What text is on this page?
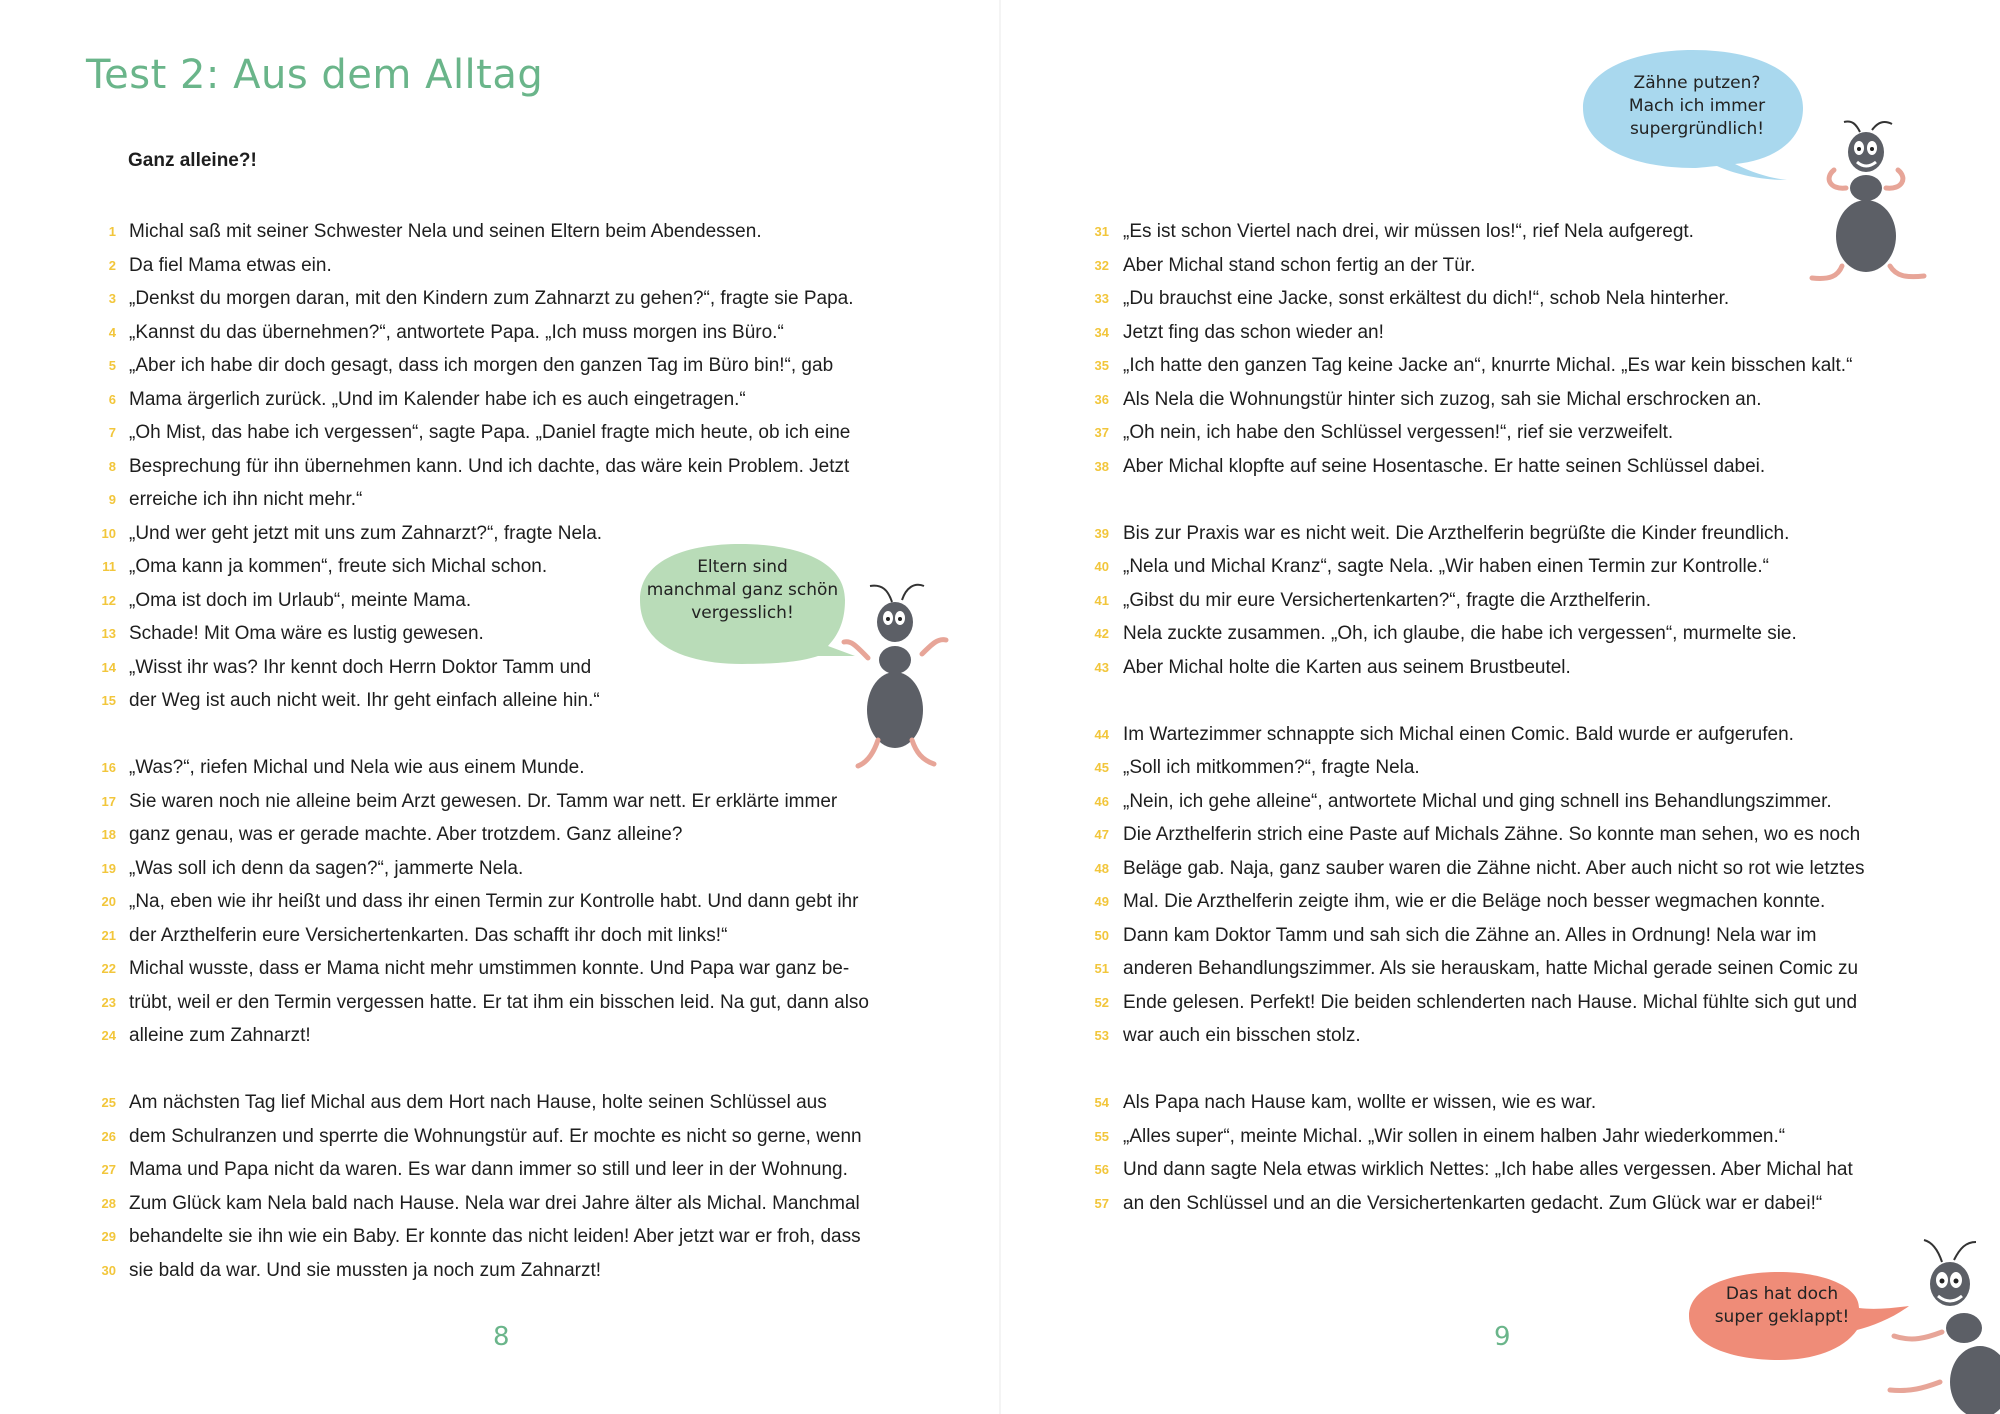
Test 2: Aus dem Alltag
Ganz alleine?!
1 Michal saß mit seiner Schwester Nela und seinen Eltern beim Abendessen.
2 Da fiel Mama etwas ein.
3 „Denkst du morgen daran, mit den Kindern zum Zahnarzt zu gehen?“, fragte sie Papa.
4 „Kannst du das übernehmen?“, antwortete Papa. „Ich muss morgen ins Büro.“
5 „Aber ich habe dir doch gesagt, dass ich morgen den ganzen Tag im Büro bin!“, gab
6 Mama ärgerlich zurück. „Und im Kalender habe ich es auch eingetragen.“
7 „Oh Mist, das habe ich vergessen“, sagte Papa. „Daniel fragte mich heute, ob ich eine
8 Besprechung für ihn übernehmen kann. Und ich dachte, das wäre kein Problem. Jetzt
9 erreiche ich ihn nicht mehr.“
10 „Und wer geht jetzt mit uns zum Zahnarzt?“, fragte Nela.
11 „Oma kann ja kommen“, freute sich Michal schon.
12 „Oma ist doch im Urlaub“, meinte Mama.
13 Schade! Mit Oma wäre es lustig gewesen.
14 „Wisst ihr was? Ihr kennt doch Herrn Doktor Tamm und
15 der Weg ist auch nicht weit. Ihr geht einfach alleine hin.“
16 „Was?“, riefen Michal und Nela wie aus einem Munde.
17 Sie waren noch nie alleine beim Arzt gewesen. Dr. Tamm war nett. Er erklärte immer
18 ganz genau, was er gerade machte. Aber trotzdem. Ganz alleine?
19 „Was soll ich denn da sagen?“, jammerte Nela.
20 „Na, eben wie ihr heißt und dass ihr einen Termin zur Kontrolle habt. Und dann gebt ihr
21 der Arzthelferin eure Versichertenkarten. Das schafft ihr doch mit links!“
22 Michal wusste, dass er Mama nicht mehr umstimmen konnte. Und Papa war ganz be-
23 trübt, weil er den Termin vergessen hatte. Er tat ihm ein bisschen leid. Na gut, dann also
24 alleine zum Zahnarzt!
25 Am nächsten Tag lief Michal aus dem Hort nach Hause, holte seinen Schlüssel aus
26 dem Schulranzen und sperrte die Wohnungstür auf. Er mochte es nicht so gerne, wenn
27 Mama und Papa nicht da waren. Es war dann immer so still und leer in der Wohnung.
28 Zum Glück kam Nela bald nach Hause. Nela war drei Jahre älter als Michal. Manchmal
29 behandelte sie ihn wie ein Baby. Er konnte das nicht leiden! Aber jetzt war er froh, dass
30 sie bald da war. Und sie mussten ja noch zum Zahnarzt!
31 „Es ist schon Viertel nach drei, wir müssen los!“, rief Nela aufgeregt.
32 Aber Michal stand schon fertig an der Tür.
33 „Du brauchst eine Jacke, sonst erkältest du dich!“, schob Nela hinterher.
34 Jetzt fing das schon wieder an!
35 „Ich hatte den ganzen Tag keine Jacke an“, knurrte Michal. „Es war kein bisschen kalt.“
36 Als Nela die Wohnungstür hinter sich zuzog, sah sie Michal erschrocken an.
37 „Oh nein, ich habe den Schlüssel vergessen!“, rief sie verzweifelt.
38 Aber Michal klopfte auf seine Hosentasche. Er hatte seinen Schlüssel dabei.
39 Bis zur Praxis war es nicht weit. Die Arzthelferin begrüßte die Kinder freundlich.
40 „Nela und Michal Kranz“, sagte Nela. „Wir haben einen Termin zur Kontrolle.“
41 „Gibst du mir eure Versichertenkarten?“, fragte die Arzthelferin.
42 Nela zuckte zusammen. „Oh, ich glaube, die habe ich vergessen“, murmelte sie.
43 Aber Michal holte die Karten aus seinem Brustbeutel.
44 Im Wartezimmer schnappte sich Michal einen Comic. Bald wurde er aufgerufen.
45 „Soll ich mitkommen?“, fragte Nela.
46 „Nein, ich gehe alleine“, antwortete Michal und ging schnell ins Behandlungszimmer.
47 Die Arzthelferin strich eine Paste auf Michals Zähne. So konnte man sehen, wo es noch
48 Beläge gab. Naja, ganz sauber waren die Zähne nicht. Aber auch nicht so rot wie letztes
49 Mal. Die Arzthelferin zeigte ihm, wie er die Beläge noch besser wegmachen konnte.
50 Dann kam Doktor Tamm und sah sich die Zähne an. Alles in Ordnung! Nela war im
51 anderen Behandlungszimmer. Als sie herauskam, hatte Michal gerade seinen Comic zu
52 Ende gelesen. Perfekt! Die beiden schlenderten nach Hause. Michal fühlte sich gut und
53 war auch ein bisschen stolz.
54 Als Papa nach Hause kam, wollte er wissen, wie es war.
55 „Alles super“, meinte Michal. „Wir sollen in einem halben Jahr wiederkommen.“
56 Und dann sagte Nela etwas wirklich Nettes: „Ich habe alles vergessen. Aber Michal hat
57 an den Schlüssel und an die Versichertenkarten gedacht. Zum Glück war er dabei!“
8	9
Eltern sind
manchmal ganz schön
vergesslich!
Zähne putzen?
Mach ich immer
supergründlich!
Das hat doch
super geklappt!
